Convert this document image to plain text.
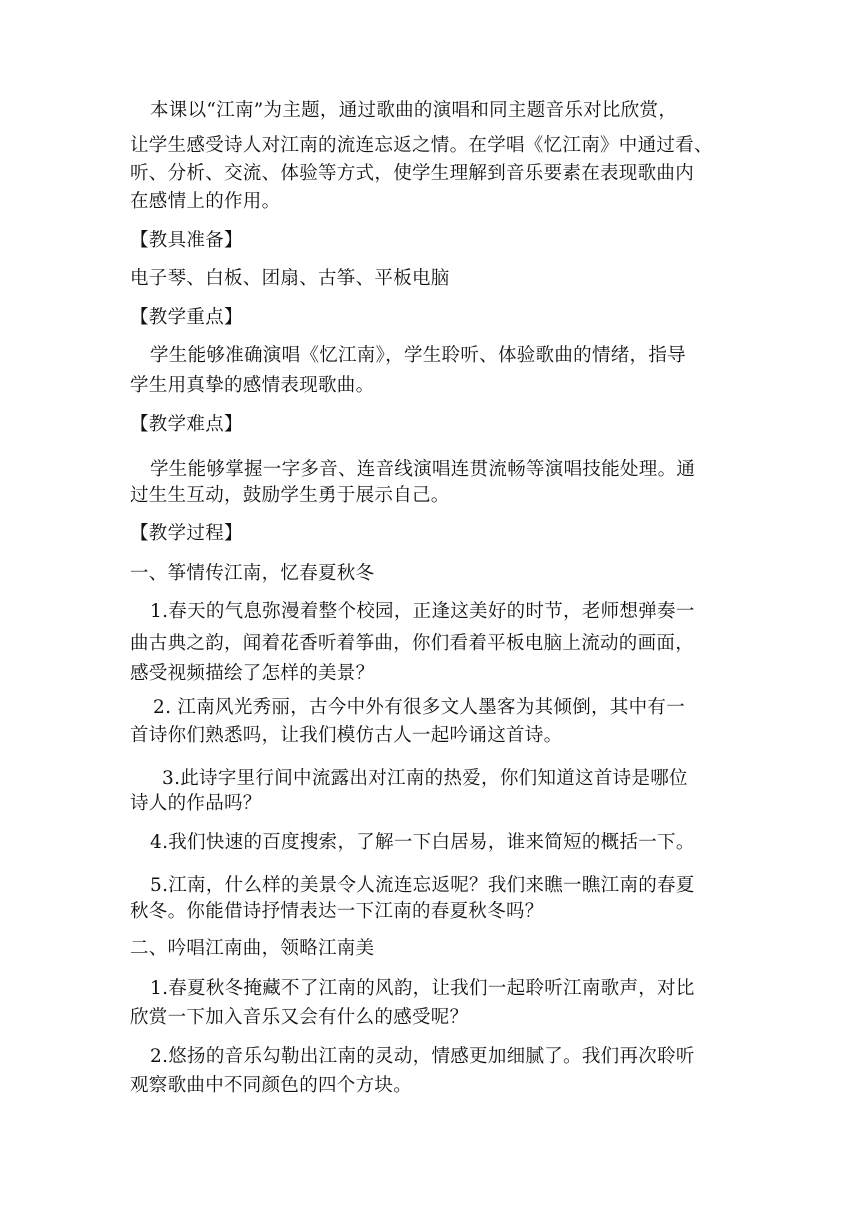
本课以“江南”为主题，通过歌曲的演唱和同主题音乐对比欣赏，
让学生感受诗人对江南的流连忘返之情。在学唱《忆江南》中通过看、
听、分析、交流、体验等方式，使学生理解到音乐要素在表现歌曲内
在感情上的作用。
【教具准备】
电子琴、白板、团扇、古筝、平板电脑
【教学重点】
学生能够准确演唱《忆江南》，学生聆听、体验歌曲的情绪，指导
学生用真挚的感情表现歌曲。
【教学难点】
学生能够掌握一字多音、连音线演唱连贯流畅等演唱技能处理。通
过生生互动，鼓励学生勇于展示自己。
【教学过程】
一、筝情传江南，忆春夏秋冬
1.春天的气息弥漫着整个校园，正逢这美好的时节，老师想弹奏一
曲古典之韵，闻着花香听着筝曲，你们看着平板电脑上流动的画面，
感受视频描绘了怎样的美景？
2. 江南风光秀丽，古今中外有很多文人墨客为其倾倒，其中有一
首诗你们熟悉吗，让我们模仿古人一起吟诵这首诗。
3.此诗字里行间中流露出对江南的热爱，你们知道这首诗是哪位
诗人的作品吗？
4.我们快速的百度搜索，了解一下白居易，谁来简短的概括一下。
5.江南，什么样的美景令人流连忘返呢？我们来瞧一瞧江南的春夏
秋冬。你能借诗抒情表达一下江南的春夏秋冬吗？
二、吟唱江南曲，领略江南美
1.春夏秋冬掩藏不了江南的风韵，让我们一起聆听江南歌声，对比
欣赏一下加入音乐又会有什么的感受呢？
2.悠扬的音乐勾勒出江南的灵动，情感更加细腻了。我们再次聆听
观察歌曲中不同颜色的四个方块。
